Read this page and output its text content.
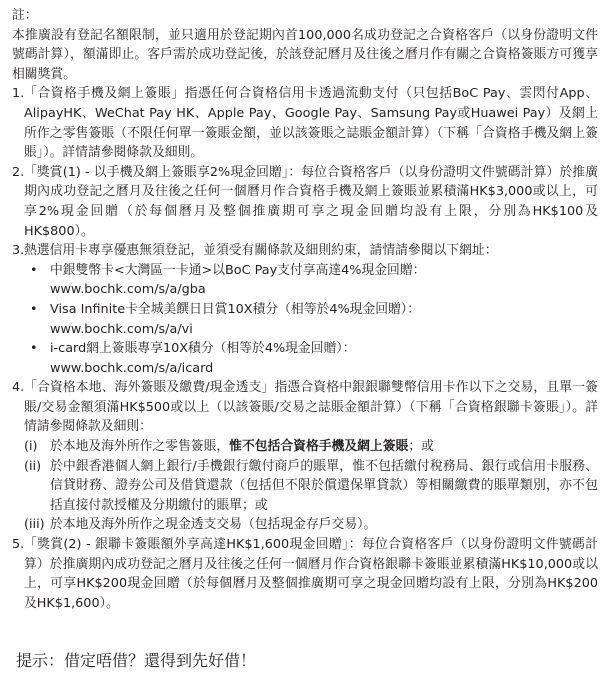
註：

本推廣設有登記名額限制，並只適用於登記期內首100,000名成功登記之合資格客戶（以身份證明文件號碼計算），額滿即止。客戶需於成功登記後，於該登記曆月及往後之曆月作有關之合資格簽賬方可獲享相關獎賞。

1. 「合資格手機及網上簽賬」指憑任何合資格信用卡透過流動支付（只包括BoC Pay、雲閃付App、AlipayHK、WeChat Pay HK、Apple Pay、Google Pay、Samsung Pay或Huawei Pay）及網上所作之零售簽賬（不限任何單一簽賬金額，並以該簽賬之誌賬金額計算）（下稱「合資格手機及網上簽賬」）。詳情請參閱條款及細則。

2. 「獎賞(1) - 以手機及網上簽賬享2%現金回贈」：每位合資格客戶（以身份證明文件號碼計算）於推廣期內成功登記之曆月及往後之任何一個曆月作合資格手機及網上簽賬並累積滿HK$3,000或以上，可享2%現金回贈（於每個曆月及整個推廣期可享之現金回贈均設有上限，分別為HK$100及HK$800）。

3. 熱選信用卡專享優惠無須登記，並須受有關條款及細則約束，請情請參閱以下網址：

• 中銀雙幣卡<大灣區一卡通>以BoC Pay支付享高達4%現金回贈：
www.bochk.com/s/a/gba
• Visa Infinite卡全城美饌日日賞10X積分（相等於4%現金回贈）：
www.bochk.com/s/a/vi
• i-card網上簽賬專享10X積分（相等於4%現金回贈）：
www.bochk.com/s/a/icard
4. 「合資格本地、海外簽賬及繳費/現金透支」指憑合資格中銀銀聯雙幣信用卡作以下之交易，且單一簽賬/交易金額須滿HK$500或以上（以該簽賬/交易之誌賬金額計算）（下稱「合資格銀聯卡簽賬」）。詳情請參閱條款及細則：

(i) 於本地及海外所作之零售簽賬，惟不包括合資格手機及網上簽賬；或

(ii) 於中銀香港個人網上銀行/手機銀行繳付商戶的賬單，惟不包括繳付稅務局、銀行或信用卡服務、信貸財務、證券公司及借貸還款（包括但不限於償還保單貸款）等相關繳費的賬單類別，亦不包括直接付款授權及分期繳付的賬單；或

(iii) 於本地及海外所作之現金透支交易（包括現金存戶交易）。

5. 「獎賞(2) - 銀聯卡簽賬額外享高達HK$1,600現金回贈」：每位合資格客戶（以身份證明文件號碼計算）於推廣期內成功登記之曆月及往後之任何一個曆月作合資格銀聯卡簽賬並累積滿HK$10,000或以上，可享HK$200現金回贈（於每個曆月及整個推廣期可享之現金回贈均設有上限，分別為HK$200及HK$1,600）。

提示：借定唔借？還得到先好借！
